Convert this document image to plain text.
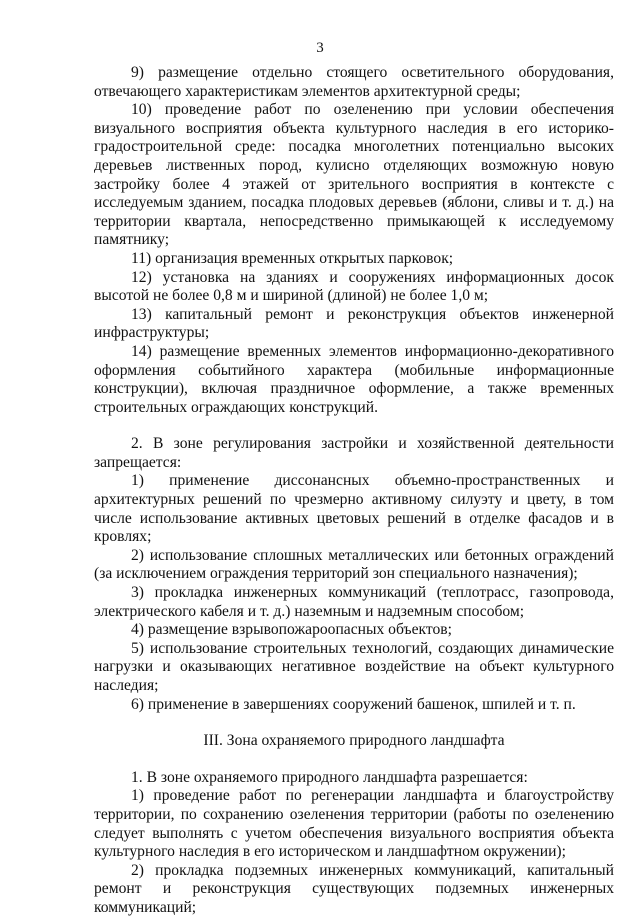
3

9) размещение отдельно стоящего осветительного оборудования, отвечающего характеристикам элементов архитектурной среды;

10) проведение работ по озеленению при условии обеспечения визуального восприятия объекта культурного наследия в его историко-градостроительной среде: посадка многолетних потенциально высоких деревьев лиственных пород, кулисно отделяющих возможную новую застройку более 4 этажей от зрительного восприятия в контексте с исследуемым зданием, посадка плодовых деревьев (яблони, сливы и т. д.) на территории квартала, непосредственно примыкающей к исследуемому памятнику;

11) организация временных открытых парковок;

12) установка на зданиях и сооружениях информационных досок высотой не более 0,8 м и шириной (длиной) не более 1,0 м;

13) капитальный ремонт и реконструкция объектов инженерной инфраструктуры;

14) размещение временных элементов информационно-декоративного оформления событийного характера (мобильные информационные конструкции), включая праздничное оформление, а также временных строительных ограждающих конструкций.

2. В зоне регулирования застройки и хозяйственной деятельности запрещается:

1) применение диссонансных объемно-пространственных и архитектурных решений по чрезмерно активному силуэту и цвету, в том числе использование активных цветовых решений в отделке фасадов и в кровлях;

2) использование сплошных металлических или бетонных ограждений (за исключением ограждения территорий зон специального назначения);

3) прокладка инженерных коммуникаций (теплотрасс, газопровода, электрического кабеля и т. д.) наземным и надземным способом;

4) размещение взрывопожароопасных объектов;

5) использование строительных технологий, создающих динамические нагрузки и оказывающих негативное воздействие на объект культурного наследия;

6) применение в завершениях сооружений башенок, шпилей и т. п.

III. Зона охраняемого природного ландшафта

1. В зоне охраняемого природного ландшафта разрешается:

1) проведение работ по регенерации ландшафта и благоустройству территории, по сохранению озеленения территории (работы по озеленению следует выполнять с учетом обеспечения визуального восприятия объекта культурного наследия в его историческом и ландшафтном окружении);

2) прокладка подземных инженерных коммуникаций, капитальный ремонт и реконструкция существующих подземных инженерных коммуникаций;
